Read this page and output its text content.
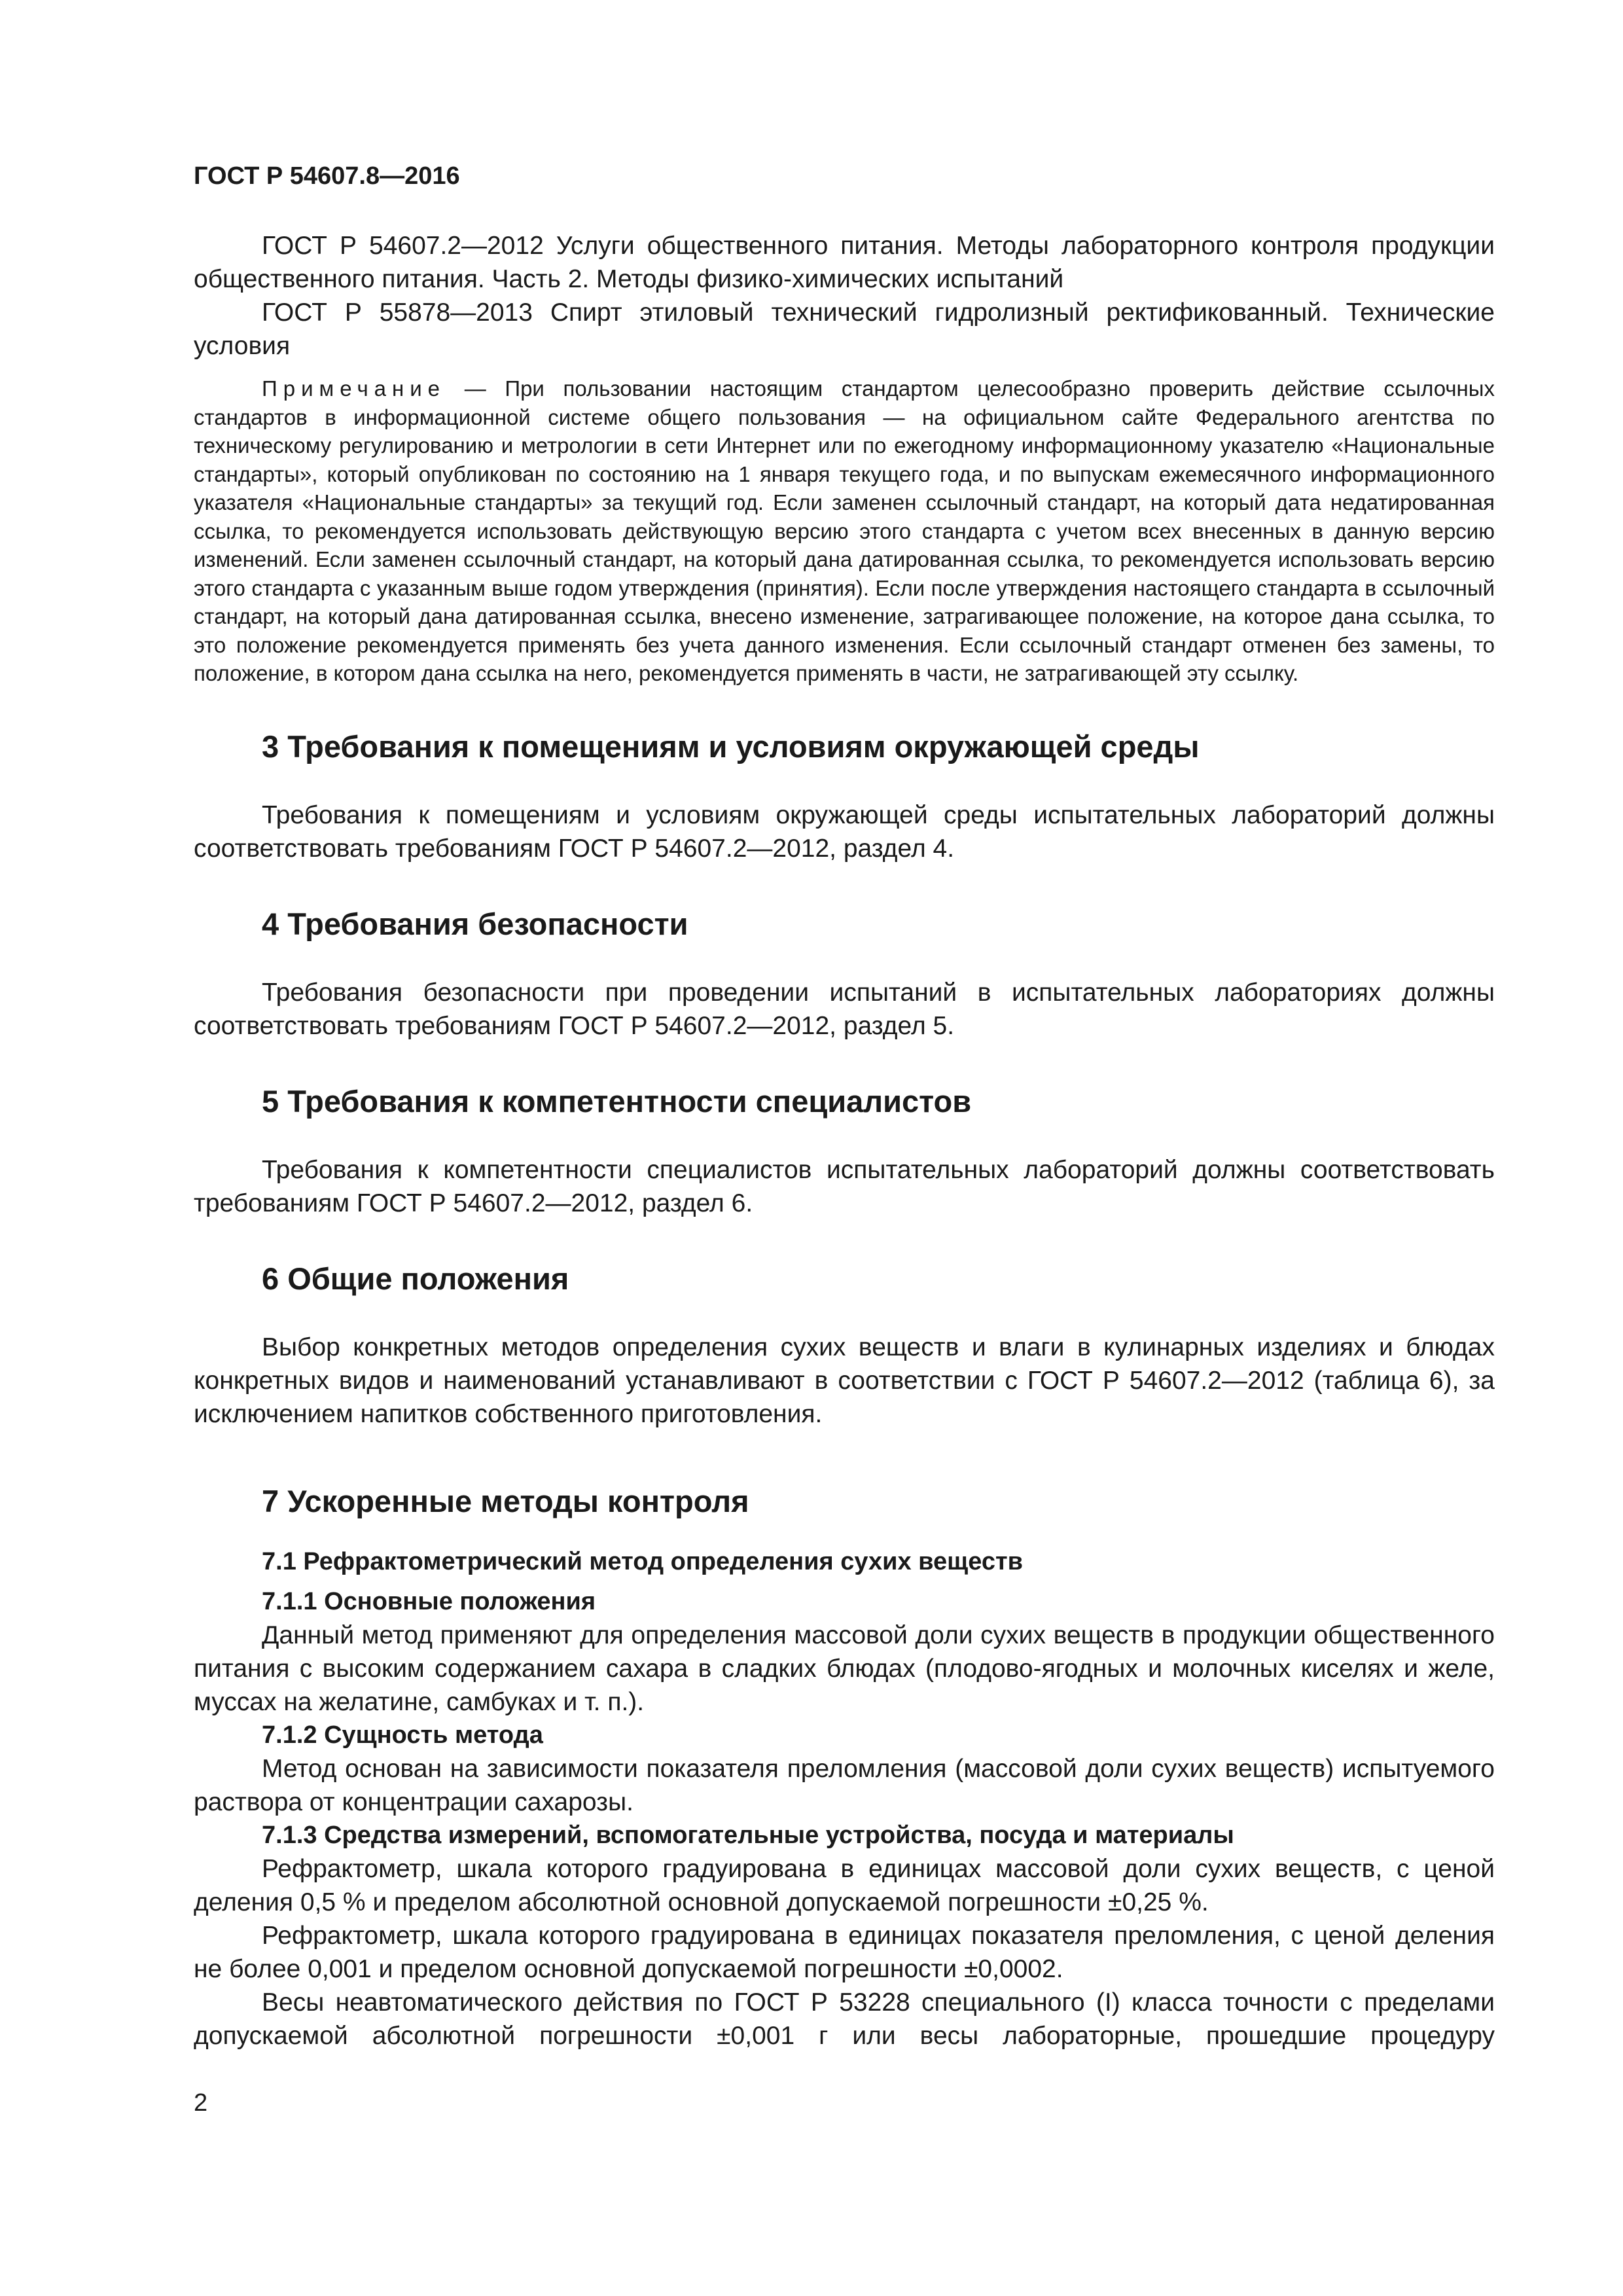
ГОСТ Р 54607.8—2016

ГОСТ Р 54607.2—2012 Услуги общественного питания. Методы лабораторного контроля продукции общественного питания. Часть 2. Методы физико-химических испытаний

ГОСТ Р 55878—2013 Спирт этиловый технический гидролизный ректификованный. Технические условия

Примечание — При пользовании настоящим стандартом целесообразно проверить действие ссылочных стандартов в информационной системе общего пользования — на официальном сайте Федерального агентства по техническому регулированию и метрологии в сети Интернет или по ежегодному информационному указателю «Национальные стандарты», который опубликован по состоянию на 1 января текущего года, и по выпускам ежемесячного информационного указателя «Национальные стандарты» за текущий год. Если заменен ссылочный стандарт, на который дата недатированная ссылка, то рекомендуется использовать действующую версию этого стандарта с учетом всех внесенных в данную версию изменений. Если заменен ссылочный стандарт, на который дана датированная ссылка, то рекомендуется использовать версию этого стандарта с указанным выше годом утверждения (принятия). Если после утверждения настоящего стандарта в ссылочный стандарт, на который дана датированная ссылка, внесено изменение, затрагивающее положение, на которое дана ссылка, то это положение рекомендуется применять без учета данного изменения. Если ссылочный стандарт отменен без замены, то положение, в котором дана ссылка на него, рекомендуется применять в части, не затрагивающей эту ссылку.

3 Требования к помещениям и условиям окружающей среды

Требования к помещениям и условиям окружающей среды испытательных лабораторий должны соответствовать требованиям ГОСТ Р 54607.2—2012, раздел 4.

4 Требования безопасности

Требования безопасности при проведении испытаний в испытательных лабораториях должны соответствовать требованиям ГОСТ Р 54607.2—2012, раздел 5.

5 Требования к компетентности специалистов

Требования к компетентности специалистов испытательных лабораторий должны соответствовать требованиям ГОСТ Р 54607.2—2012, раздел 6.

6 Общие положения

Выбор конкретных методов определения сухих веществ и влаги в кулинарных изделиях и блюдах конкретных видов и наименований устанавливают в соответствии с ГОСТ Р 54607.2—2012 (таблица 6), за исключением напитков собственного приготовления.

7 Ускоренные методы контроля
7.1 Рефрактометрический метод определения сухих веществ
7.1.1 Основные положения

Данный метод применяют для определения массовой доли сухих веществ в продукции общественного питания с высоким содержанием сахара в сладких блюдах (плодово-ягодных и молочных киселях и желе, муссах на желатине, самбуках и т. п.).

7.1.2 Сущность метода

Метод основан на зависимости показателя преломления (массовой доли сухих веществ) испытуемого раствора от концентрации сахарозы.

7.1.3 Средства измерений, вспомогательные устройства, посуда и материалы

Рефрактометр, шкала которого градуирована в единицах массовой доли сухих веществ, с ценой деления 0,5 % и пределом абсолютной основной допускаемой погрешности ±0,25 %.

Рефрактометр, шкала которого градуирована в единицах показателя преломления, с ценой деления не более 0,001 и пределом основной допускаемой погрешности ±0,0002.

Весы неавтоматического действия по ГОСТ Р 53228 специального (I) класса точности с пределами допускаемой абсолютной погрешности ±0,001 г или весы лабораторные, прошедшие процедуру

2
